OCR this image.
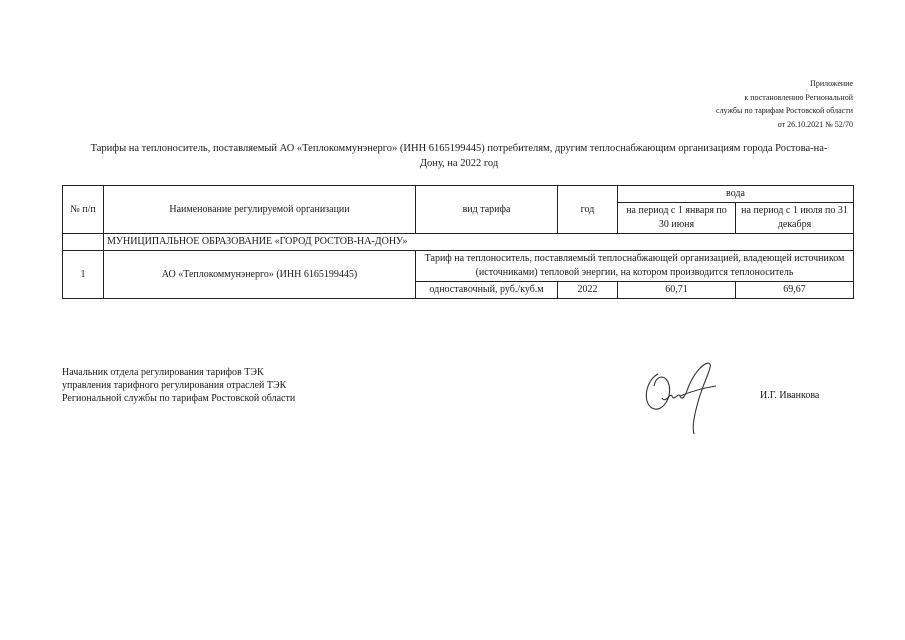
Приложение
к постановлению Региональной
службы по тарифам Ростовской области
от 26.10.2021 № 52/70
Тарифы на теплоноситель, поставляемый АО «Теплокоммунэнерго» (ИНН 6165199445) потребителям, другим теплоснабжающим организациям города Ростова-на-
Дону, на 2022 год
№ п/п	Наименование регулируемой организации	вид тарифа	год	вода	
				на период с 1 января по 30 июня	на период с 1 июля по 31 декабря
	МУНИЦИПАЛЬНОЕ ОБРАЗОВАНИЕ «ГОРОД РОСТОВ-НА-ДОНУ»				
1	АО «Теплокоммунэнерго» (ИНН 6165199445)	Тариф на теплоноситель, поставляемый теплоснабжающей организацией, владеющей источником (источниками) тепловой энергии, на котором производится теплоноситель			
		одноставочный, руб./куб.м	2022	60,71	69,67
Начальник отдела регулирования тарифов ТЭК
управления тарифного регулирования отраслей ТЭК
Региональной службы по тарифам Ростовской области	И.Г. Иванкова
